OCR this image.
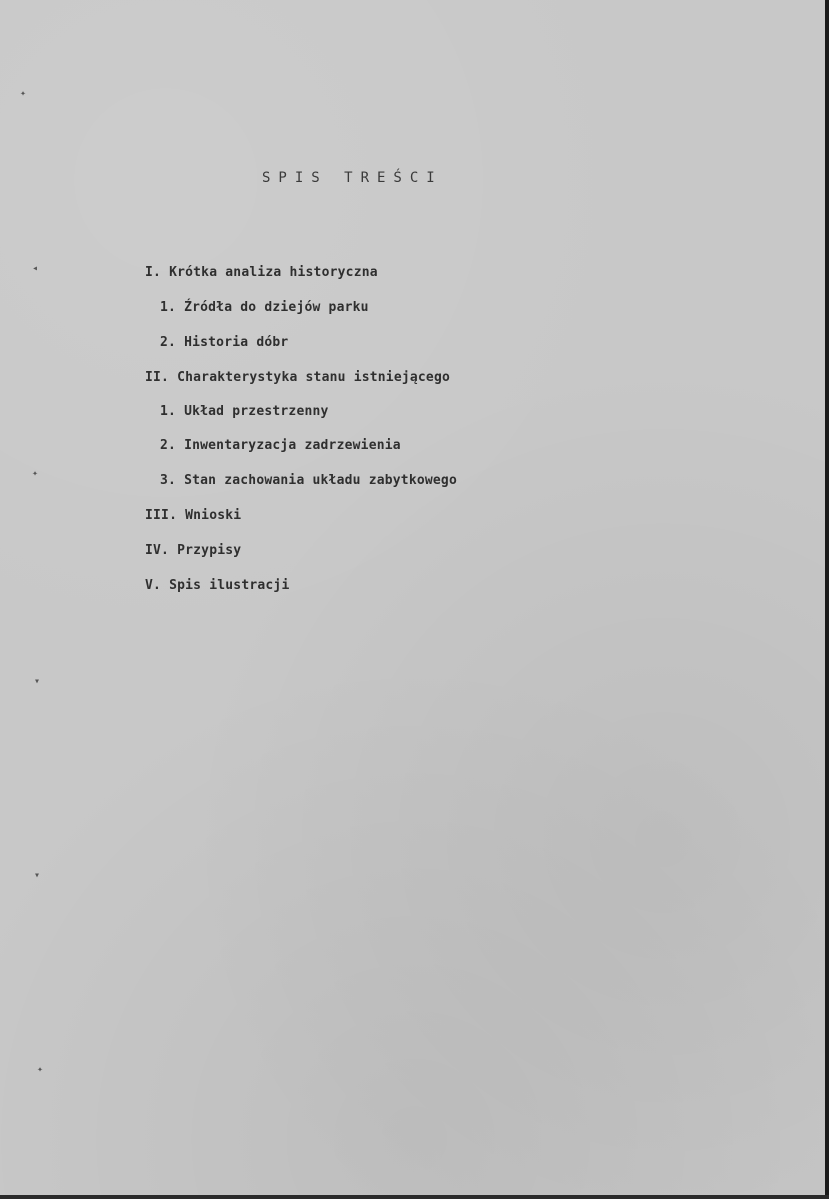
✦
◂
✦
▾
▾
✦
SPIS TREŚCI
I. Krótka analiza historyczna
1. Źródła do dziejów parku
2. Historia dóbr
II. Charakterystyka stanu istniejącego
1. Układ przestrzenny
2. Inwentaryzacja zadrzewienia
3. Stan zachowania układu zabytkowego
III. Wnioski
IV. Przypisy
V. Spis ilustracji
